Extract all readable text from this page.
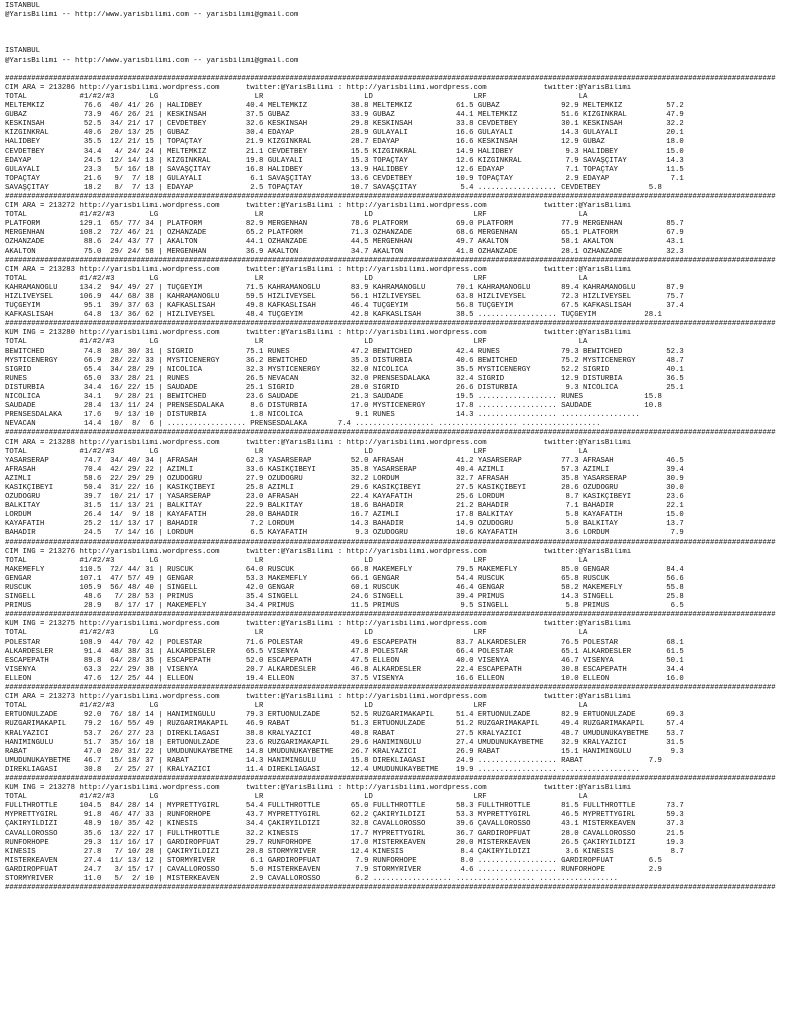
ISTANBUL
@YarisBilimi -- http://www.yarisbilimi.com -- yarisbilimi@gmail.com

ISTANBUL
@YarisBilimi -- http://www.yarisbilimi.com -- yarisbilimi@gmail.com

################################################################################################################################################################################
CIM ARA = 213286 http://yarisbilimi.wordpress.com      twitter:@YarisBilimi : http://yarisbilimi.wordpress.com             twitter:@YarisBilimi
TOTAL            #1/#2/#3        LG                      LR                       LD                       LRF                     LA
MELTEMKIZ         76.6  40/ 41/ 26 | HALIDBEY          40.4 MELTEMKIZ          38.8 MELTEMKIZ          61.5 GUBAZ              92.9 MELTEMKIZ          57.2
GUBAZ             73.9  46/ 26/ 21 | KESKINSAH         37.5 GUBAZ              33.9 GUBAZ              44.1 MELTEMKIZ          51.6 KIZGINKRAL         47.9
KESKINSAH         52.5  34/ 21/ 17 | CEVDETBEY         32.6 KESKINSAH          29.8 KESKINSAH          33.8 CEVDETBEY          30.1 KESKINSAH          32.2
KIZGINKRAL        40.6  20/ 13/ 25 | GUBAZ             30.4 EDAYAP             28.9 GÜLAYALI           16.6 GÜLAYALI           14.3 GÜLAYALI           20.1
HALIDBEY          35.5  12/ 21/ 15 | TOPAÇTAY          21.9 KIZGINKRAL         28.7 EDAYAP             16.6 KESKINSAH          12.9 GUBAZ              18.0
CEVDETBEY         34.4   4/ 24/ 24 | MELTEMKIZ         21.1 CEVDETBEY          15.5 KIZGINKRAL         14.9 HALIDBEY            9.3 HALIDBEY           15.0
EDAYAP            24.5  12/ 14/ 13 | KIZGINKRAL        19.8 GÜLAYALI           15.3 TOPAÇTAY           12.6 KIZGINKRAL          7.9 SAVAŞÇITAY         14.3
GÜLAYALI          23.3   5/ 16/ 18 | SAVAŞÇITAY        16.8 HALIDBEY           13.9 HALIDBEY           12.6 EDAYAP              7.1 TOPAÇTAY           11.5
TOPAÇTAY          21.6   9/  7/ 18 | GÜLAYALI           6.1 SAVAŞÇITAY         13.6 CEVDETBEY          10.9 TOPAÇTAY            2.9 EDAYAP              7.1
SAVAŞÇITAY        18.2   8/  7/ 13 | EDAYAP             2.5 TOPAÇTAY           10.7 SAVAŞÇITAY          5.4 .................. CEVDETBEY           5.8
################################################################################################################################################################################
CIM ARA = 213272 http://yarisbilimi.wordpress.com      twitter:@YarisBilimi : http://yarisbilimi.wordpress.com             twitter:@YarisBilimi
TOTAL            #1/#2/#3        LG                      LR                       LD                       LRF                     LA
PLATFORM         129.1  65/ 77/ 34 | PLATFORM          82.9 MERGENHAN          78.6 PLATFORM           69.0 PLATFORM           77.9 MERGENHAN          85.7
MERGENHAN        108.2  72/ 46/ 21 | ÖZHANZADE         65.2 PLATFORM           71.3 ÖZHANZADE          68.6 MERGENHAN          65.1 PLATFORM           67.9
ÖZHANZADE         88.6  24/ 43/ 77 | AKALTON           44.1 ÖZHANZADE          44.5 MERGENHAN          49.7 AKALTON            58.1 AKALTON            43.1
AKALTON           75.0  29/ 24/ 58 | MERGENHAN         36.9 AKALTON            34.7 AKALTON            41.8 ÖZHANZADE          28.1 ÖZHANZADE          32.3
################################################################################################################################################################################
CIM ARA = 213283 http://yarisbilimi.wordpress.com      twitter:@YarisBilimi : http://yarisbilimi.wordpress.com             twitter:@YarisBilimi
TOTAL            #1/#2/#3        LG                      LR                       LD                       LRF                     LA
KAHRAMANOGLU     134.2  94/ 49/ 27 | TUÇGEYIM          71.5 KAHRAMANOGLU       83.9 KAHRAMANOGLU       70.1 KAHRAMANOGLU       89.4 KAHRAMANOGLU       87.9
HIZLIVEYSEL      106.9  44/ 68/ 38 | KAHRAMANOGLU      59.5 HIZLIVEYSEL        56.1 HIZLIVEYSEL        63.8 HIZLIVEYSEL        72.3 HIZLIVEYSEL        75.7
TUÇGEYIM          95.1  39/ 37/ 63 | KAFKASLISAH       49.8 KAFKASLISAH        46.4 TUÇGEYIM           56.8 TUÇGEYIM           67.5 KAFKASLISAH        37.4
KAFKASLISAH       64.8  13/ 36/ 62 | HIZLIVEYSEL       48.4 TUÇGEYIM           42.8 KAFKASLISAH        38.5 .................. TUÇGEYIM           28.1
################################################################################################################################################################################
KUM ING = 213280 http://yarisbilimi.wordpress.com      twitter:@YarisBilimi : http://yarisbilimi.wordpress.com             twitter:@YarisBilimi
TOTAL            #1/#2/#3        LG                      LR                       LD                       LRF                     LA
BEWITCHED         74.8  38/ 30/ 31 | SIGRID            75.1 RUNES              47.2 BEWITCHED          42.4 RUNES              79.3 BEWITCHED          52.3
MYSTICENERGY      66.9  28/ 22/ 33 | MYSTICENERGY      36.2 BEWITCHED          35.3 DISTURBIA          40.6 BEWITCHED          75.2 MYSTICENERGY       48.7
SIGRID            65.4  34/ 28/ 29 | NICOLICA          32.3 MYSTICENERGY       32.0 NICOLICA           35.5 MYSTICENERGY       52.2 SIGRID             40.1
RUNES             65.0  33/ 28/ 21 | RUNES             26.5 NEVACAN            32.0 PRENSESDALAKA      32.4 SIGRID             12.9 DISTURBIA          36.5
DISTURBIA         34.4  16/ 22/ 15 | SAUDADE           25.1 SIGRID             28.0 SIGRID             26.6 DISTURBIA           9.3 NICOLICA           25.1
NICOLICA          34.1   9/ 28/ 21 | BEWITCHED         23.6 SAUDADE            21.3 SAUDADE            19.5 .................. RUNES              15.8
SAUDADE           28.4  13/ 11/ 24 | PRENSESDALAKA      8.6 DISTURBIA          17.0 MYSTICENERGY       17.8 .................. SAUDADE            10.8
PRENSESDALAKA     17.6   9/ 13/ 10 | DISTURBIA          1.8 NICOLICA            9.1 RUNES              14.3 .................. ..................
NEVACAN           14.4  10/  8/  6 | .................. PRENSESDALAKA       7.4 .................. .................. ..................
################################################################################################################################################################################
CIM ARA = 213288 http://yarisbilimi.wordpress.com      twitter:@YarisBilimi : http://yarisbilimi.wordpress.com             twitter:@YarisBilimi
TOTAL            #1/#2/#3        LG                      LR                       LD                       LRF                     LA
YASARSERAP        74.7  34/ 40/ 34 | AFRASAH           62.3 YASARSERAP         52.0 AFRASAH            41.2 YASARSERAP         77.3 AFRASAH            46.5
AFRASAH           70.4  42/ 29/ 22 | AZIMLI            33.6 KASIKÇIBEYI        35.8 YASARSERAP         40.4 AZIMLI             57.3 AZIMLI             39.4
AZIMLI            58.6  22/ 29/ 29 | ÖZÜDOGRU          27.9 ÖZÜDOGRU           32.2 LORDUM             32.7 AFRASAH            35.8 YASARSERAP         30.9
KASIKÇIBEYI       50.4  31/ 22/ 16 | KASIKÇIBEYI       25.8 AZIMLI             29.6 KASIKÇIBEYI        27.5 KASIKÇIBEYI        28.6 ÖZÜDOGRU           30.0
ÖZÜDOGRU          39.7  10/ 21/ 17 | YASARSERAP        23.0 AFRASAH            22.4 KAYAFATIH          25.6 LORDUM              8.7 KASIKÇIBEYI        23.6
BALKITAY          31.5  11/ 13/ 21 | BALKITAY          22.9 BALKITAY           18.6 BAHADIR            21.2 BAHADIR             7.1 BAHADIR            22.1
LORDUM            26.4  14/  9/ 18 | KAYAFATIH         20.0 BAHADIR            16.7 AZIMLI             17.8 BALKITAY            5.8 KAYAFATIH          15.0
KAYAFATIH         25.2  11/ 13/ 17 | BAHADIR            7.2 LORDUM             14.3 BAHADIR            14.9 ÖZÜDOGRU            5.0 BALKITAY           13.7
BAHADIR           24.5   7/ 14/ 16 | LORDUM             6.5 KAYAFATIH           9.3 ÖZÜDOGRU           10.6 KAYAFATIH           3.6 LORDUM              7.9
################################################################################################################################################################################
CIM ING = 213276 http://yarisbilimi.wordpress.com      twitter:@YarisBilimi : http://yarisbilimi.wordpress.com             twitter:@YarisBilimi
TOTAL            #1/#2/#3        LG                      LR                       LD                       LRF                     LA
MAKEMEFLY        110.5  72/ 44/ 31 | RUSCUK            64.0 RUSCUK             66.8 MAKEMEFLY          79.5 MAKEMEFLY          85.0 GENGAR             84.4
GENGAR           107.1  47/ 57/ 49 | GENGAR            53.3 MAKEMEFLY          66.1 GENGAR             54.4 RUSCUK             65.8 RUSCUK             56.6
RUSCUK           105.9  56/ 48/ 40 | SINGELL           42.0 GENGAR             60.1 RUSCUK             46.4 GENGAR             58.2 MAKEMEFLY          55.8
SINGELL           48.6   7/ 28/ 53 | PRIMUS            35.4 SINGELL            24.6 SINGELL            39.4 PRIMUS             14.3 SINGELL            25.8
PRIMUS            28.9   8/ 17/ 17 | MAKEMEFLY         34.4 PRIMUS             11.5 PRIMUS              9.5 SINGELL             5.8 PRIMUS              6.5
################################################################################################################################################################################
KUM ING = 213275 http://yarisbilimi.wordpress.com      twitter:@YarisBilimi : http://yarisbilimi.wordpress.com             twitter:@YarisBilimi
TOTAL            #1/#2/#3        LG                      LR                       LD                       LRF                     LA
POLESTAR         108.9  44/ 70/ 42 | POLESTAR          71.6 POLESTAR           49.6 ESCAPEPATH         83.7 ALKARDESLER        76.5 POLESTAR           68.1
ALKARDESLER       91.4  48/ 38/ 31 | ALKARDESLER       65.5 VISENYA            47.8 POLESTAR           66.4 POLESTAR           65.1 ALKARDESLER        61.5
ESCAPEPATH        89.8  64/ 28/ 35 | ESCAPEPATH        52.0 ESCAPEPATH         47.5 ELLEON             40.0 VISENYA            46.7 VISENYA            50.1
VISENYA           63.3  22/ 29/ 38 | VISENYA           20.7 ALKARDESLER        46.8 ALKARDESLER        22.4 ESCAPEPATH         30.8 ESCAPEPATH         34.4
ELLEON            47.6  12/ 25/ 44 | ELLEON            19.4 ELLEON             37.5 VISENYA            16.6 ELLEON             10.0 ELLEON             16.0
################################################################################################################################################################################
CIM ARA = 213273 http://yarisbilimi.wordpress.com      twitter:@YarisBilimi : http://yarisbilimi.wordpress.com             twitter:@YarisBilimi
TOTAL            #1/#2/#3        LG                      LR                       LD                       LRF                     LA
ERTUONULZADE      92.0  76/ 18/ 14 | HANIMINGÜLÜ       79.3 ERTUONULZADE       52.5 RÜZGARIMAKAPIL     51.4 ERTUONULZADE       82.9 ERTUONULZADE       69.3
RÜZGARIMAKAPIL    79.2  16/ 55/ 49 | RÜZGARIMAKAPIL    46.9 RABAT              51.3 ERTUONULZADE       51.2 RÜZGARIMAKAPIL     49.4 RÜZGARIMAKAPIL     57.4
KRALYAZICI        53.7  26/ 27/ 23 | DIREKLIAGASI      38.8 KRALYAZICI         40.8 RABAT              27.5 KRALYAZICI         48.7 UMUDUNUKAYBETME    53.7
HANIMINGÜLÜ       51.7  35/ 16/ 18 | ERTUONULZADE      23.6 RÜZGARIMAKAPIL     29.6 HANIMINGÜLÜ        27.4 UMUDUNUKAYBETME    32.9 KRALYAZICI         31.5
RABAT             47.0  20/ 31/ 22 | UMUDUNUKAYBETME   14.8 UMUDUNUKAYBETME    26.7 KRALYAZICI         26.9 RABAT              15.1 HANIMINGÜLÜ         9.3
UMUDUNUKAYBETME   46.7  15/ 18/ 37 | RABAT             14.3 HANIMINGÜLÜ        15.8 DIREKLIAGASI       24.9 .................. RABAT               7.9
DIREKLIAGASI      30.8   2/ 25/ 27 | KRALYAZICI        11.4 DIREKLIAGASI       12.4 UMUDUNUKAYBETME    19.9 .................. ..................
################################################################################################################################################################################
KUM ING = 213278 http://yarisbilimi.wordpress.com      twitter:@YarisBilimi : http://yarisbilimi.wordpress.com             twitter:@YarisBilimi
TOTAL            #1/#2/#3        LG                      LR                       LD                       LRF                     LA
FULLTHROTTLE     104.5  84/ 28/ 14 | MYPRETTYGIRL      54.4 FULLTHROTTLE       65.0 FULLTHROTTLE       58.3 FULLTHROTTLE       81.5 FULLTHROTTLE       73.7
MYPRETTYGIRL      91.8  46/ 47/ 33 | RUNFORHOPE        43.7 MYPRETTYGIRL       62.2 ÇAKIRYILDIZI       53.3 MYPRETTYGIRL       46.5 MYPRETTYGIRL       59.3
ÇAKIRYILDIZI      48.9  10/ 35/ 42 | KINESIS           34.4 ÇAKIRYILDIZI       32.8 CAVALLOROSSO       39.6 ÇAVALLOROSSO       43.1 MISTERKEAVEN       37.3
CAVALLOROSSO      35.6  13/ 22/ 17 | FULLTHROTTLE      32.2 KINESIS            17.7 MYPRETTYGIRL       36.7 GARDIROPFUAT       28.0 CAVALLOROSSO       21.5
RUNFORHOPE        29.3  11/ 16/ 17 | GARDIROPFUAT      29.7 RUNFORHOPE         17.0 MISTERKEAVEN       20.0 MISTERKEAVEN       26.5 ÇAKIRYILDIZI       19.3
KINESIS           27.8   7/ 10/ 28 | ÇAKIRYILDIZI      20.8 STORMYRIVER        12.4 KINESIS             8.4 ÇAKIRYILDIZI        3.6 KINESIS             8.7
MISTERKEAVEN      27.4  11/ 13/ 12 | STORMYRIVER        6.1 GARDIROPFUAT        7.9 RUNFORHOPE          8.0 .................. GARDIROPFUAT        6.5
GARDIROPFUAT      24.7   3/ 15/ 17 | CAVALLOROSSO       5.0 MISTERKEAVEN        7.9 STORMYRIVER         4.6 .................. RUNFORHOPE          2.9
STORMYRIVER       11.0   5/  2/ 10 | MISTERKEAVEN       2.9 CAVALLOROSSO        6.2 .................. .................. ..................
################################################################################################################################################################################
